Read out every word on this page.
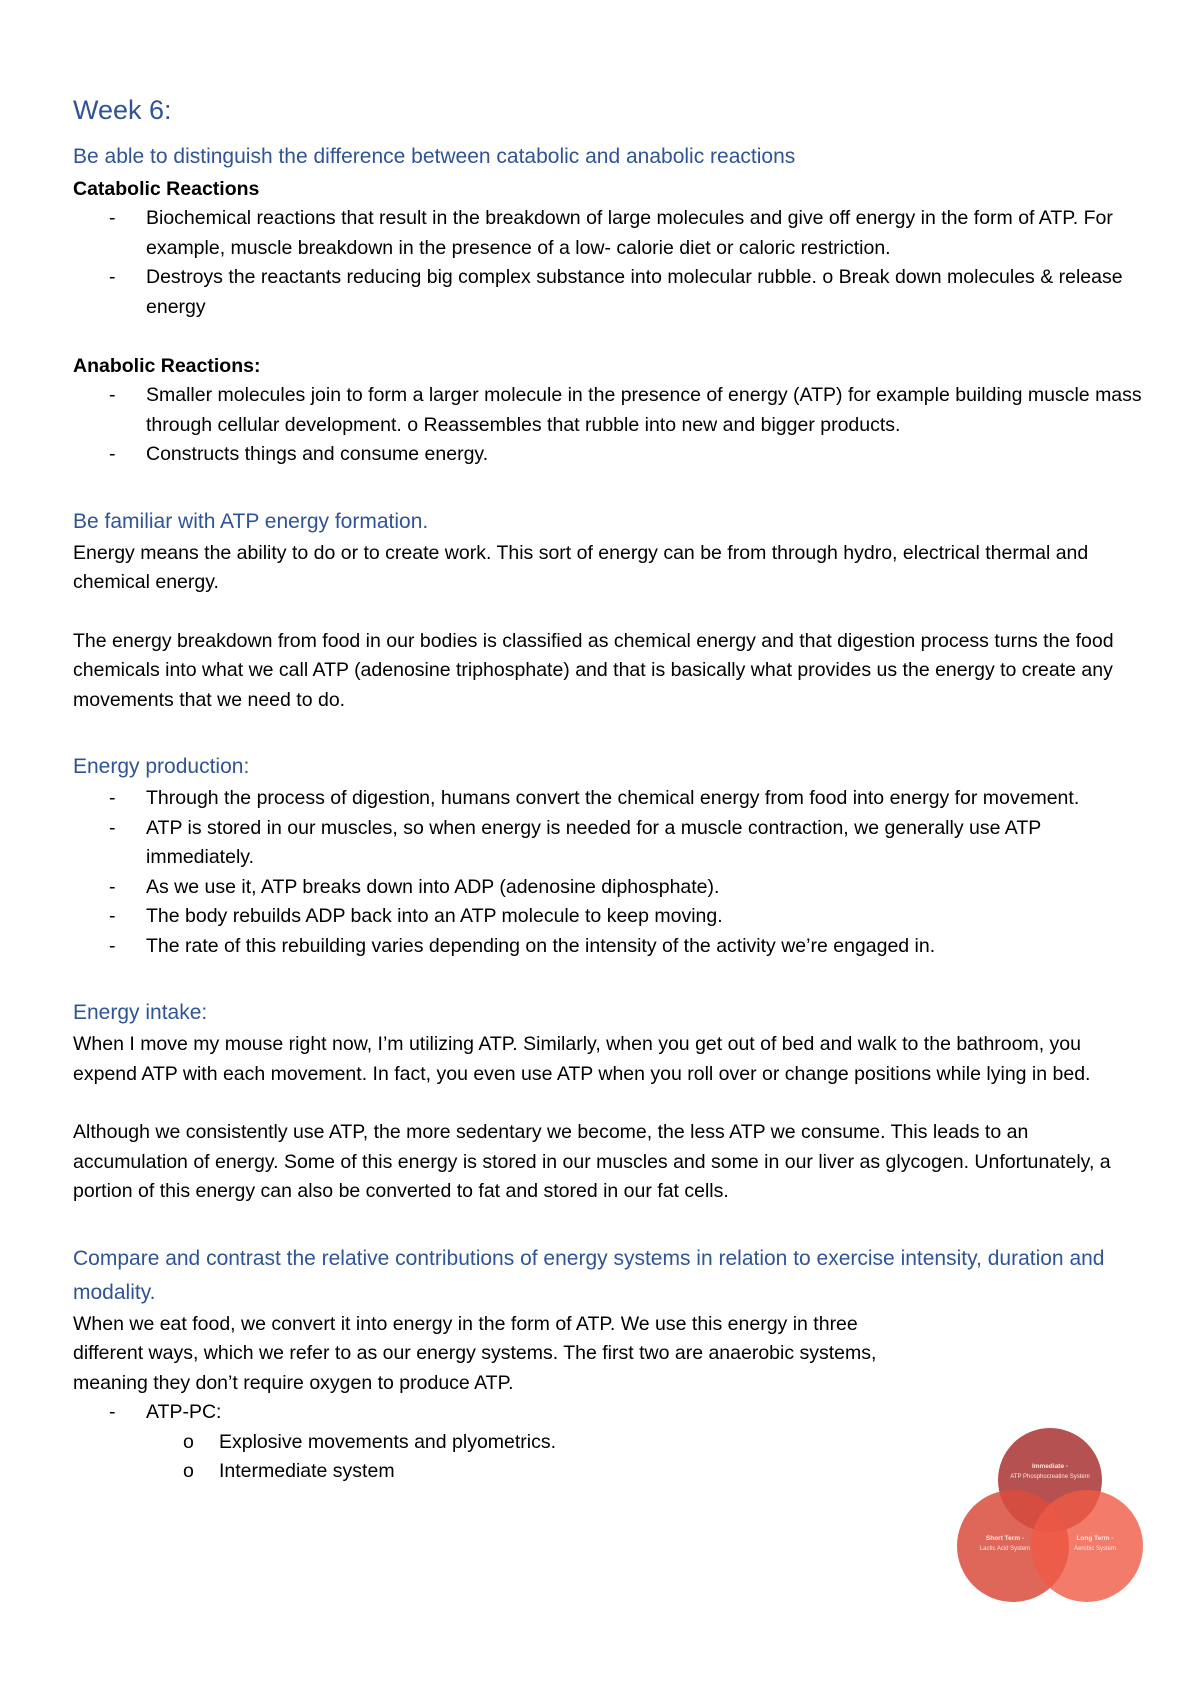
Week 6:
Be able to distinguish the difference between catabolic and anabolic reactions

Catabolic Reactions

- Biochemical reactions that result in the breakdown of large molecules and give off energy in the form of ATP. For example, muscle breakdown in the presence of a low- calorie diet or caloric restriction.
- Destroys the reactants reducing big complex substance into molecular rubble. o Break down molecules & release energy

Anabolic Reactions:

- Smaller molecules join to form a larger molecule in the presence of energy (ATP) for example building muscle mass through cellular development. o Reassembles that rubble into new and bigger products.
- Constructs things and consume energy.
Be familiar with ATP energy formation.

Energy means the ability to do or to create work. This sort of energy can be from through hydro, electrical thermal and chemical energy.

The energy breakdown from food in our bodies is classified as chemical energy and that digestion process turns the food chemicals into what we call ATP (adenosine triphosphate) and that is basically what provides us the energy to create any movements that we need to do.

Energy production:
- Through the process of digestion, humans convert the chemical energy from food into energy for movement.
- ATP is stored in our muscles, so when energy is needed for a muscle contraction, we generally use ATP immediately.
- As we use it, ATP breaks down into ADP (adenosine diphosphate).
- The body rebuilds ADP back into an ATP molecule to keep moving.
- The rate of this rebuilding varies depending on the intensity of the activity we’re engaged in.
Energy intake:

When I move my mouse right now, I’m utilizing ATP. Similarly, when you get out of bed and walk to the bathroom, you expend ATP with each movement. In fact, you even use ATP when you roll over or change positions while lying in bed.

Although we consistently use ATP, the more sedentary we become, the less ATP we consume. This leads to an accumulation of energy. Some of this energy is stored in our muscles and some in our liver as glycogen. Unfortunately, a portion of this energy can also be converted to fat and stored in our fat cells.

Compare and contrast the relative contributions of energy systems in relation to exercise intensity, duration and modality.

When we eat food, we convert it into energy in the form of ATP. We use this energy in three different ways, which we refer to as our energy systems. The first two are anaerobic systems, meaning they don’t require oxygen to produce ATP.

- ATP-PC:
o Explosive movements and plyometrics.
o Intermediate system	Immediate -
ATP Phosphocreatine System
Short Term -
Lactic Acid System
Long Term -
Aerobic System
